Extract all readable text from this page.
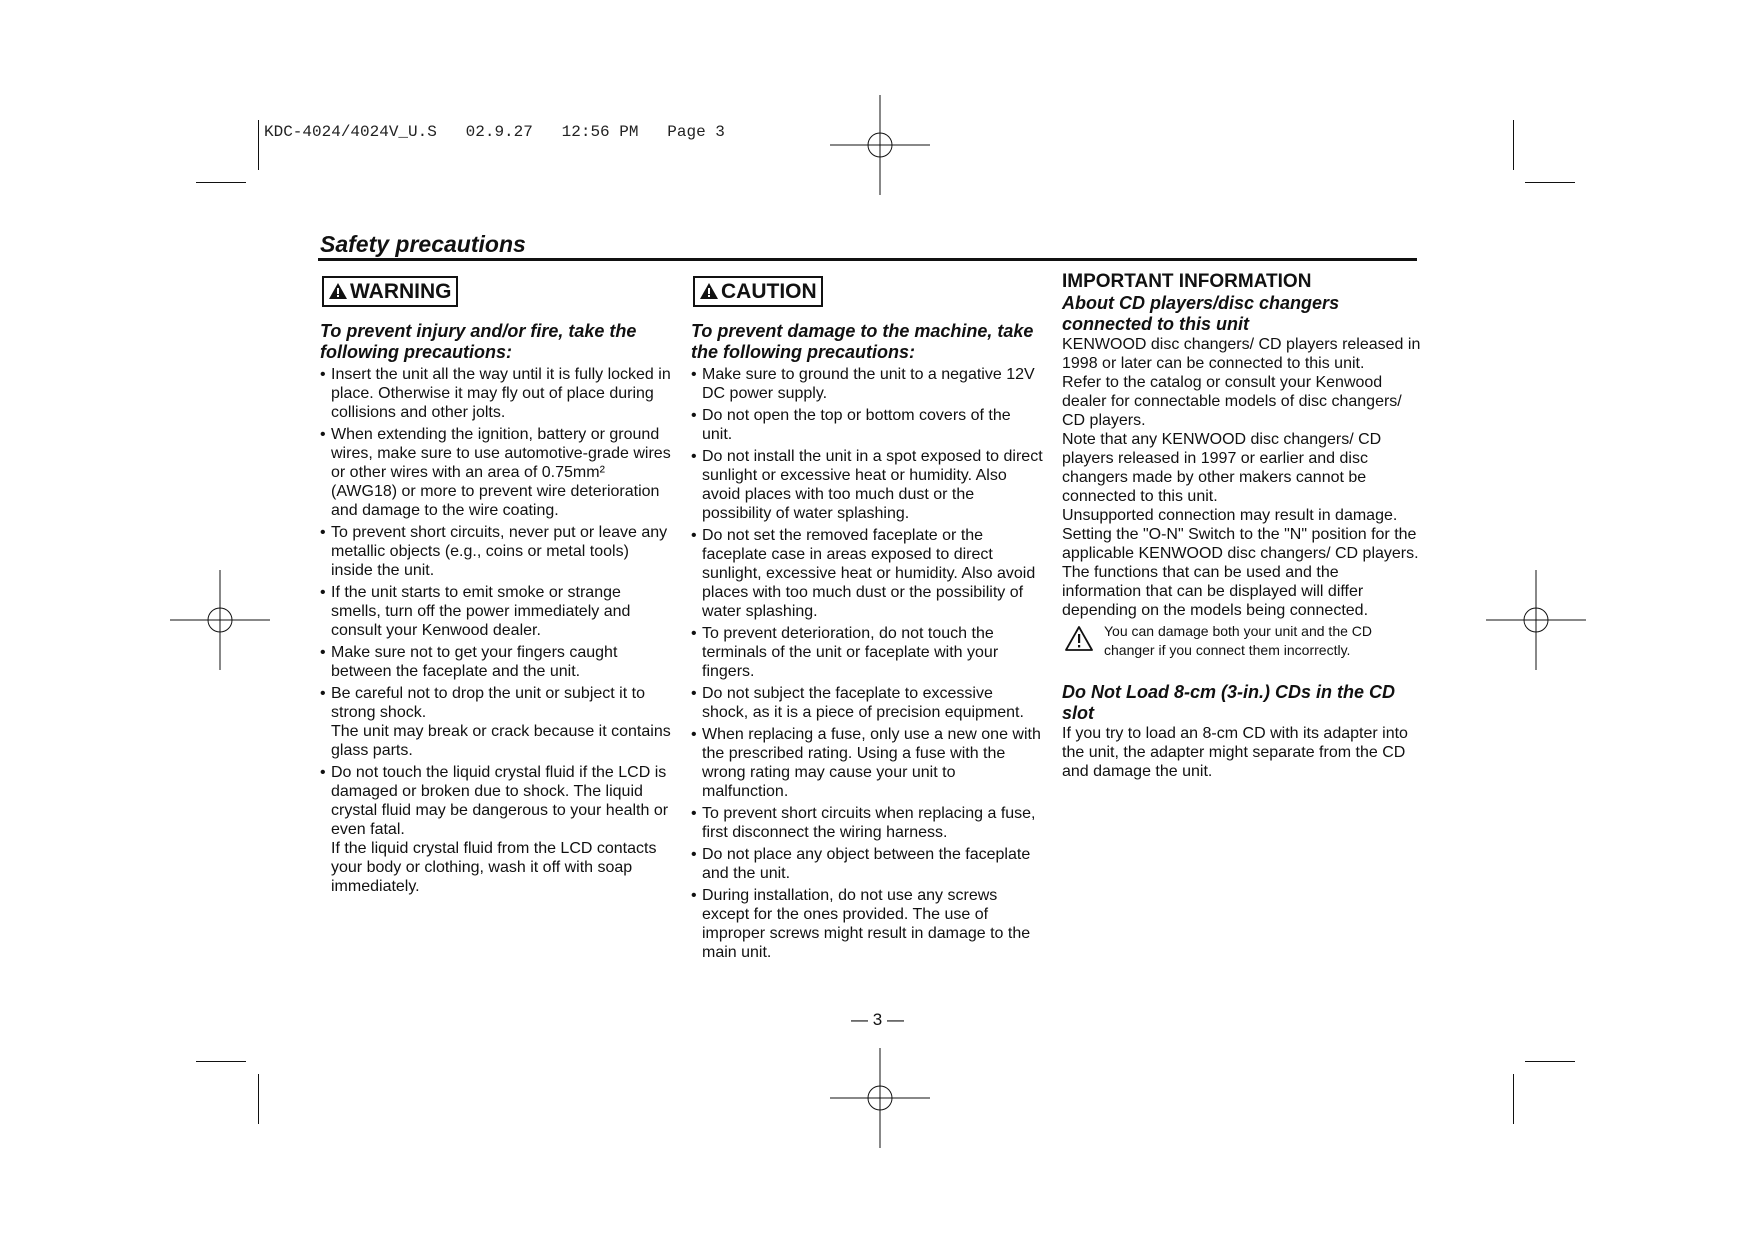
KDC-4024/4024V_U.S   02.9.27   12:56 PM   Page 3
Safety precautions
WARNING
To prevent injury and/or fire, take the following precautions:
• Insert the unit all the way until it is fully locked in place. Otherwise it may fly out of place during collisions and other jolts.
• When extending the ignition, battery or ground wires, make sure to use automotive-grade wires or other wires with an area of 0.75mm² (AWG18) or more to prevent wire deterioration and damage to the wire coating.
• To prevent short circuits, never put or leave any metallic objects (e.g., coins or metal tools) inside the unit.
• If the unit starts to emit smoke or strange smells, turn off the power immediately and consult your Kenwood dealer.
• Make sure not to get your fingers caught between the faceplate and the unit.
• Be careful not to drop the unit or subject it to strong shock.
The unit may break or crack because it contains glass parts.
• Do not touch the liquid crystal fluid if the LCD is damaged or broken due to shock. The liquid crystal fluid may be dangerous to your health or even fatal.
If the liquid crystal fluid from the LCD contacts your body or clothing, wash it off with soap immediately.
CAUTION
To prevent damage to the machine, take the following precautions:
• Make sure to ground the unit to a negative 12V DC power supply.
• Do not open the top or bottom covers of the unit.
• Do not install the unit in a spot exposed to direct sunlight or excessive heat or humidity. Also avoid places with too much dust or the possibility of water splashing.
• Do not set the removed faceplate or the faceplate case in areas exposed to direct sunlight, excessive heat or humidity. Also avoid places with too much dust or the possibility of water splashing.
• To prevent deterioration, do not touch the terminals of the unit or faceplate with your fingers.
• Do not subject the faceplate to excessive shock, as it is a piece of precision equipment.
• When replacing a fuse, only use a new one with the prescribed rating. Using a fuse with the wrong rating may cause your unit to malfunction.
• To prevent short circuits when replacing a fuse, first disconnect the wiring harness.
• Do not place any object between the faceplate and the unit.
• During installation, do not use any screws except for the ones provided. The use of improper screws might result in damage to the main unit.
IMPORTANT INFORMATION
About CD players/disc changers connected to this unit

KENWOOD disc changers/ CD players released in 1998 or later can be connected to this unit.

Refer to the catalog or consult your Kenwood dealer for connectable models of disc changers/ CD players.

Note that any KENWOOD disc changers/ CD players released in 1997 or earlier and disc changers made by other makers cannot be connected to this unit.

Unsupported connection may result in damage.

Setting the "O-N" Switch to the "N" position for the applicable KENWOOD disc changers/ CD players.

The functions that can be used and the information that can be displayed will differ depending on the models being connected.

You can damage both your unit and the CD changer if you connect them incorrectly.
Do Not Load 8-cm (3-in.) CDs in the CD slot

If you try to load an 8-cm CD with its adapter into the unit, the adapter might separate from the CD and damage the unit.

— 3 —
